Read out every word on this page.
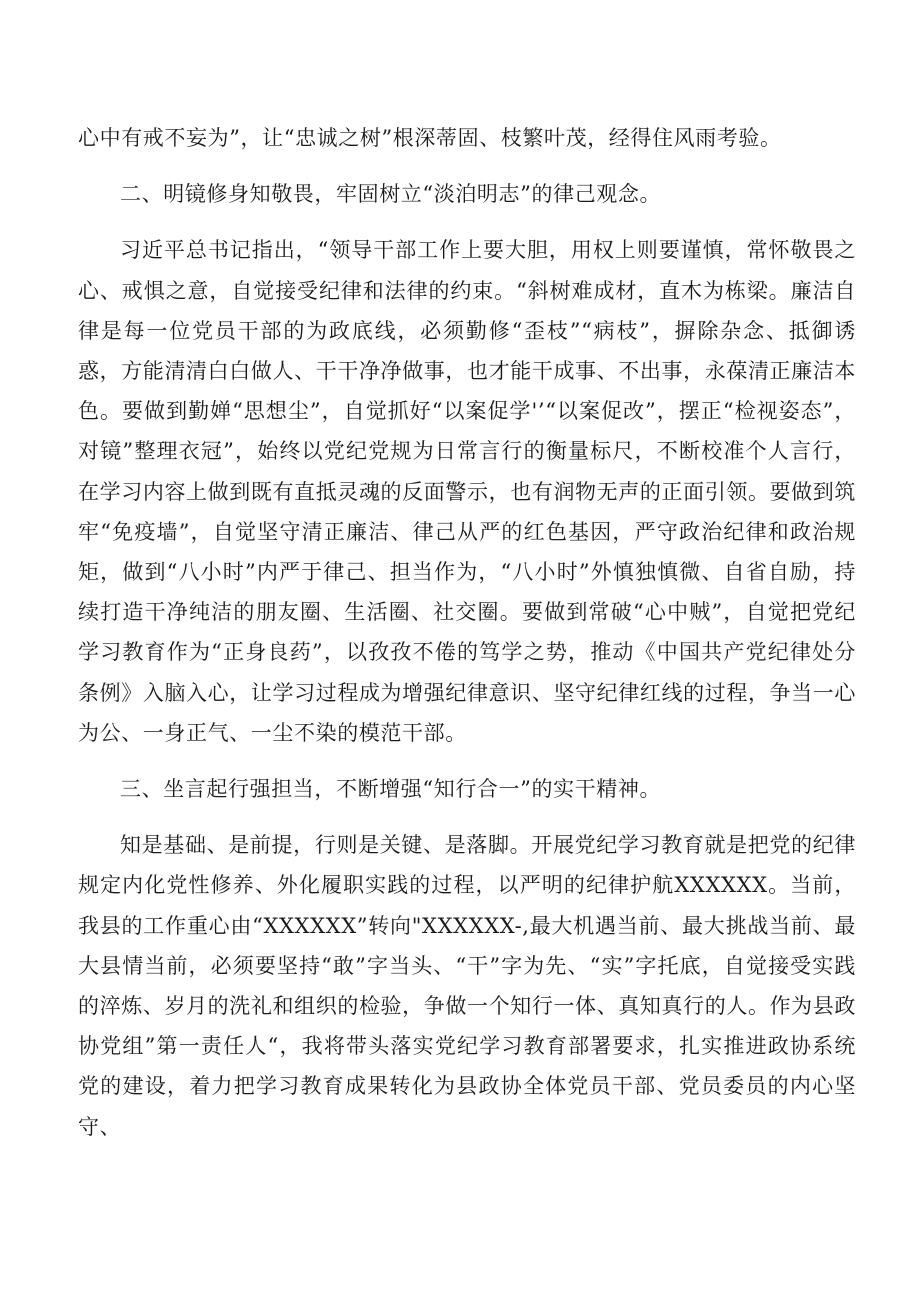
心中有戒不妄为”，让“忠诚之树”根深蒂固、枝繁叶茂，经得住风雨考验。

二、明镜修身知敬畏，牢固树立“淡泊明志”的律己观念。

习近平总书记指出，“领导干部工作上要大胆，用权上则要谨慎，常怀敬畏之心、戒惧之意，自觉接受纪律和法律的约束。“斜树难成材，直木为栋梁。廉洁自律是每一位党员干部的为政底线，必须勤修“歪枝”“病枝”，摒除杂念、抵御诱惑，方能清清白白做人、干干净净做事，也才能干成事、不出事，永葆清正廉洁本色。要做到勤婵“思想尘”，自觉抓好“以案促学'’“以案促改”，摆正“检视姿态”，对镜”整理衣冠”，始终以党纪党规为日常言行的衡量标尺，不断校准个人言行，在学习内容上做到既有直抵灵魂的反面警示，也有润物无声的正面引领。要做到筑牢“免疫墙”，自觉坚守清正廉洁、律己从严的红色基因，严守政治纪律和政治规矩，做到“八小时”内严于律己、担当作为，“八小时”外慎独慎微、自省自励，持续打造干净纯洁的朋友圈、生活圈、社交圈。要做到常破“心中贼”，自觉把党纪学习教育作为“正身良药”，以孜孜不倦的笃学之势，推动《中国共产党纪律处分条例》入脑入心，让学习过程成为增强纪律意识、坚守纪律红线的过程，争当一心为公、一身正气、一尘不染的模范干部。

三、坐言起行强担当，不断增强“知行合一”的实干精神。

知是基础、是前提，行则是关键、是落脚。开展党纪学习教育就是把党的纪律规定内化党性修养、外化履职实践的过程，以严明的纪律护航XXXXXX。当前，我县的工作重心由“XXXXXX”转向"XXXXXX-,最大机遇当前、最大挑战当前、最大县情当前，必须要坚持“敢”字当头、“干”字为先、“实”字托底，自觉接受实践的淬炼、岁月的洗礼和组织的检验，争做一个知行一体、真知真行的人。作为县政协党组”第一责任人“，我将带头落实党纪学习教育部署要求，扎实推进政协系统党的建设，着力把学习教育成果转化为县政协全体党员干部、党员委员的内心坚守、
